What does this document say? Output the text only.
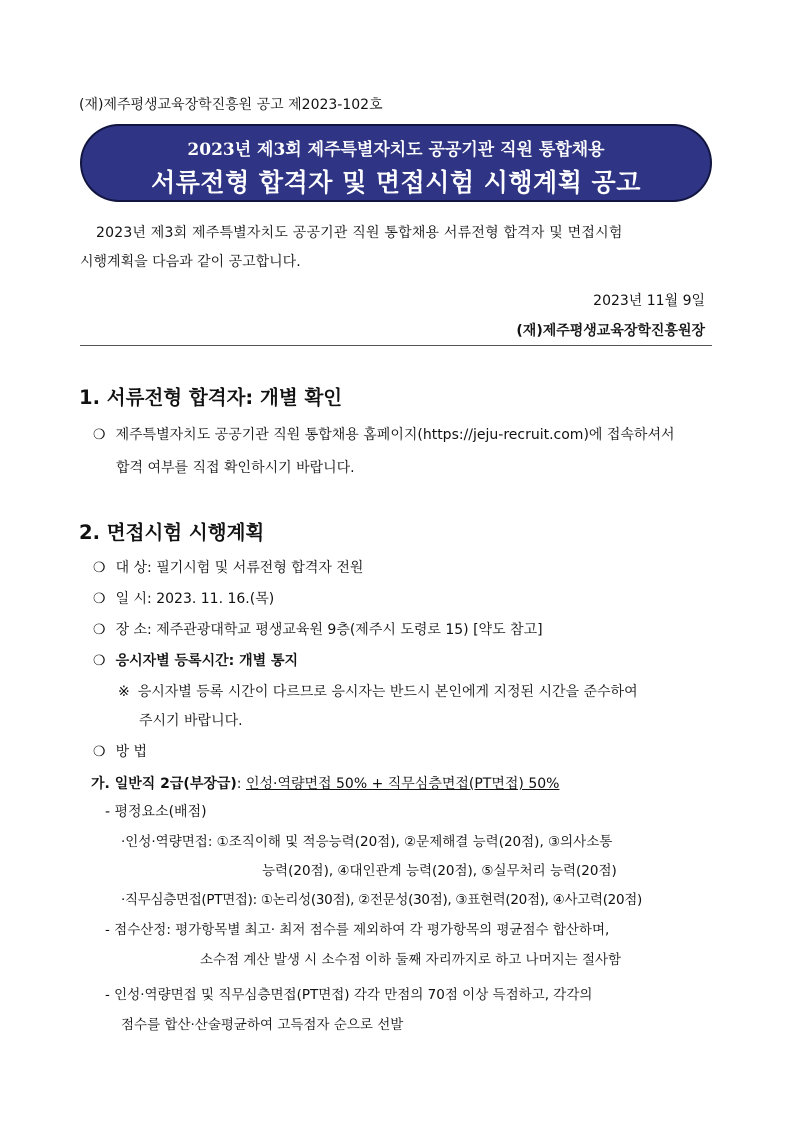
(재)제주평생교육장학진흥원 공고 제2023-102호
2023년 제3회 제주특별자치도 공공기관 직원 통합채용
서류전형 합격자 및 면접시험 시행계획 공고
2023년 제3회 제주특별자치도 공공기관 직원 통합채용 서류전형 합격자 및 면접시험
시행계획을 다음과 같이 공고합니다.
2023년 11월 9일
(재)제주평생교육장학진흥원장
1. 서류전형 합격자: 개별 확인
❍ 제주특별자치도 공공기관 직원 통합채용 홈페이지(https://jeju-recruit.com)에 접속하셔서
합격 여부를 직접 확인하시기 바랍니다.
2. 면접시험 시행계획
❍ 대 상: 필기시험 및 서류전형 합격자 전원
❍ 일 시: 2023. 11. 16.(목)
❍ 장 소: 제주관광대학교 평생교육원 9층(제주시 도령로 15) [약도 참고]
❍ 응시자별 등록시간: 개별 통지
※ 응시자별 등록 시간이 다르므로 응시자는 반드시 본인에게 지정된 시간을 준수하여
주시기 바랍니다.
❍ 방 법
가. 일반직 2급(부장급): 인성·역량면접 50% + 직무심층면접(PT면접) 50%
- 평정요소(배점)
·인성·역량면접: ①조직이해 및 적응능력(20점), ②문제해결 능력(20점), ③의사소통
능력(20점), ④대인관계 능력(20점), ⑤실무처리 능력(20점)
·직무심층면접(PT면접): ①논리성(30점), ②전문성(30점), ③표현력(20점), ④사고력(20점)
- 점수산정: 평가항목별 최고· 최저 점수를 제외하여 각 평가항목의 평균점수 합산하며,
소수점 계산 발생 시 소수점 이하 둘째 자리까지로 하고 나머지는 절사함
- 인성·역량면접 및 직무심층면접(PT면접) 각각 만점의 70점 이상 득점하고, 각각의
점수를 합산·산술평균하여 고득점자 순으로 선발
